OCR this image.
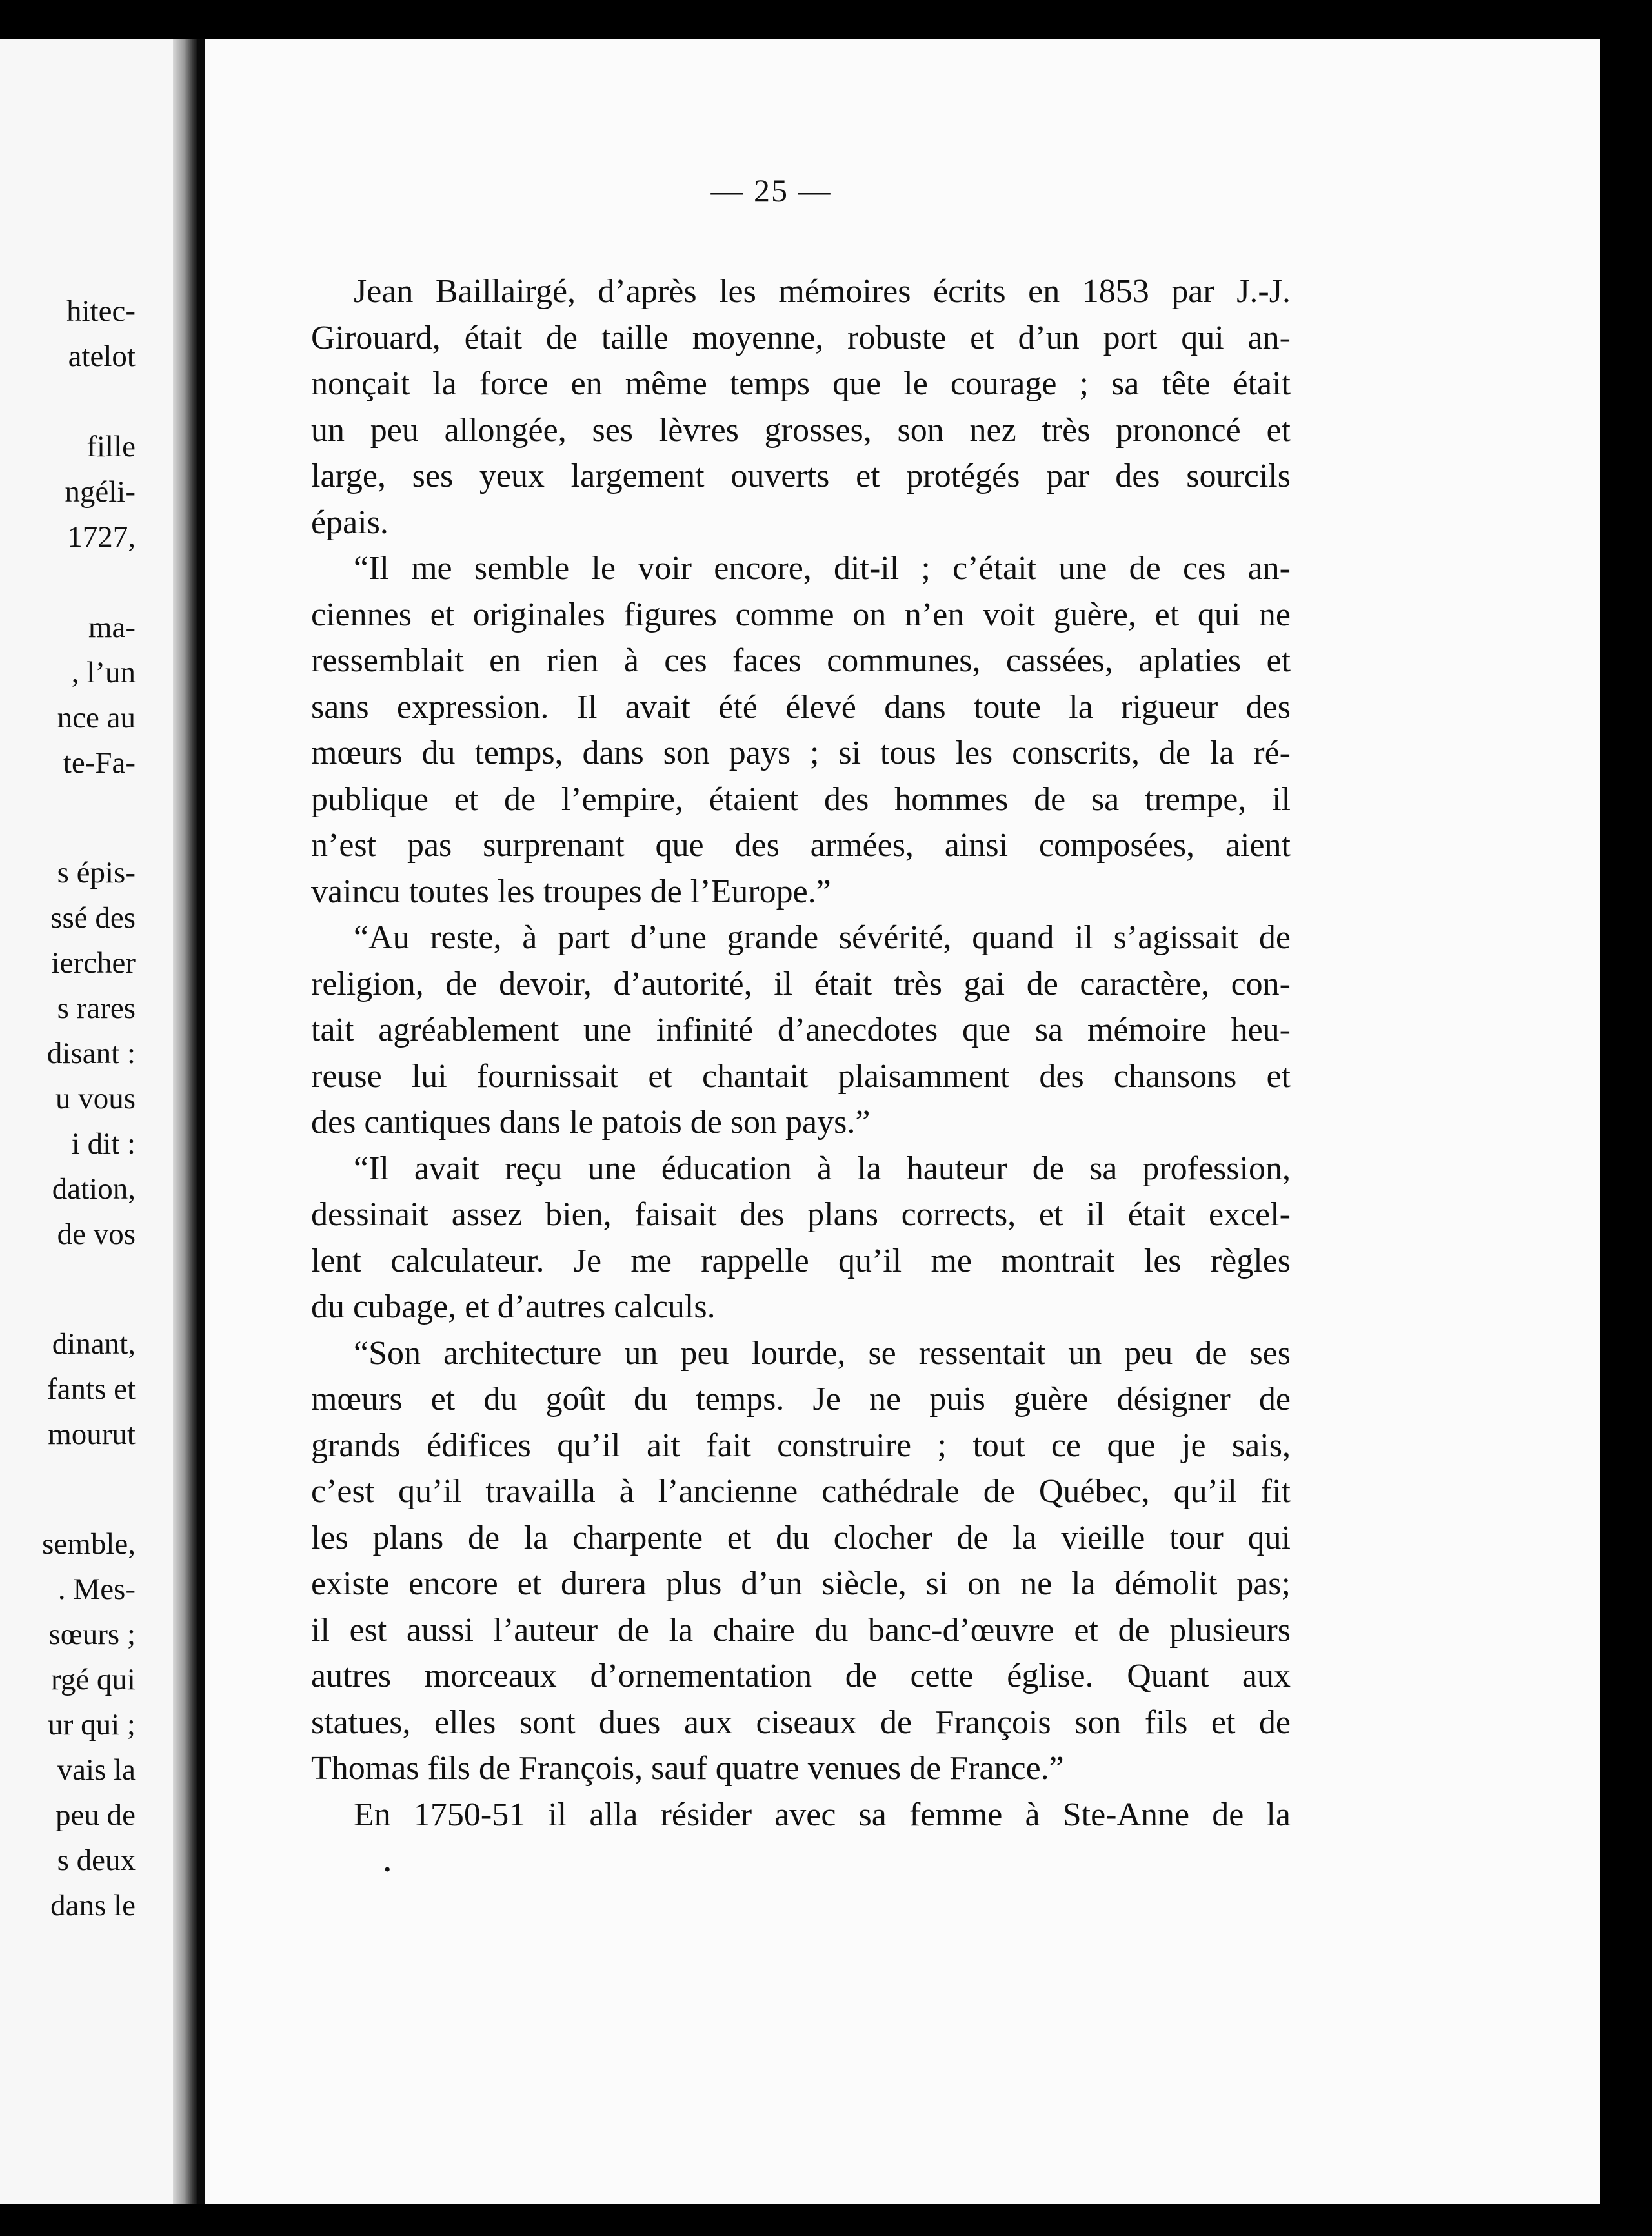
hitec-
atelot
fille
ngéli-
1727,
ma-
, l’un
nce au
te-Fa-
s épis-
ssé des
iercher
s rares
disant :
u vous
i dit :
dation,
de vos
dinant,
fants et
mourut
semble,
. Mes-
sœurs ;
rgé qui
ur qui ;
vais la
peu de
s deux
dans le
— 25 —
Jean Baillairgé, d’après les mémoires écrits en 1853 par J.-J.
Girouard, était de taille moyenne, robuste et d’un port qui an-
nonçait la force en même temps que le courage ; sa tête était
un peu allongée, ses lèvres grosses, son nez très prononcé et
large, ses yeux largement ouverts et protégés par des sourcils
épais.
“Il me semble le voir encore, dit-il ; c’était une de ces an-
ciennes et originales figures comme on n’en voit guère, et qui ne
ressemblait en rien à ces faces communes, cassées, aplaties et
sans expression. Il avait été élevé dans toute la rigueur des
mœurs du temps, dans son pays ; si tous les conscrits, de la ré-
publique et de l’empire, étaient des hommes de sa trempe, il
n’est pas surprenant que des armées, ainsi composées, aient
vaincu toutes les troupes de l’Europe.”
“Au reste, à part d’une grande sévérité, quand il s’agissait de
religion, de devoir, d’autorité, il était très gai de caractère, con-
tait agréablement une infinité d’anecdotes que sa mémoire heu-
reuse lui fournissait et chantait plaisamment des chansons et
des cantiques dans le patois de son pays.”
“Il avait reçu une éducation à la hauteur de sa profession,
dessinait assez bien, faisait des plans corrects, et il était excel-
lent calculateur. Je me rappelle qu’il me montrait les règles
du cubage, et d’autres calculs.
“Son architecture un peu lourde, se ressentait un peu de ses
mœurs et du goût du temps. Je ne puis guère désigner de
grands édifices qu’il ait fait construire ; tout ce que je sais,
c’est qu’il travailla à l’ancienne cathédrale de Québec, qu’il fit
les plans de la charpente et du clocher de la vieille tour qui
existe encore et durera plus d’un siècle, si on ne la démolit pas;
il est aussi l’auteur de la chaire du banc-d’œuvre et de plusieurs
autres morceaux d’ornementation de cette église. Quant aux
statues, elles sont dues aux ciseaux de François son fils et de
Thomas fils de François, sauf quatre venues de France.”
En 1750-51 il alla résider avec sa femme à Ste-Anne de la
•
